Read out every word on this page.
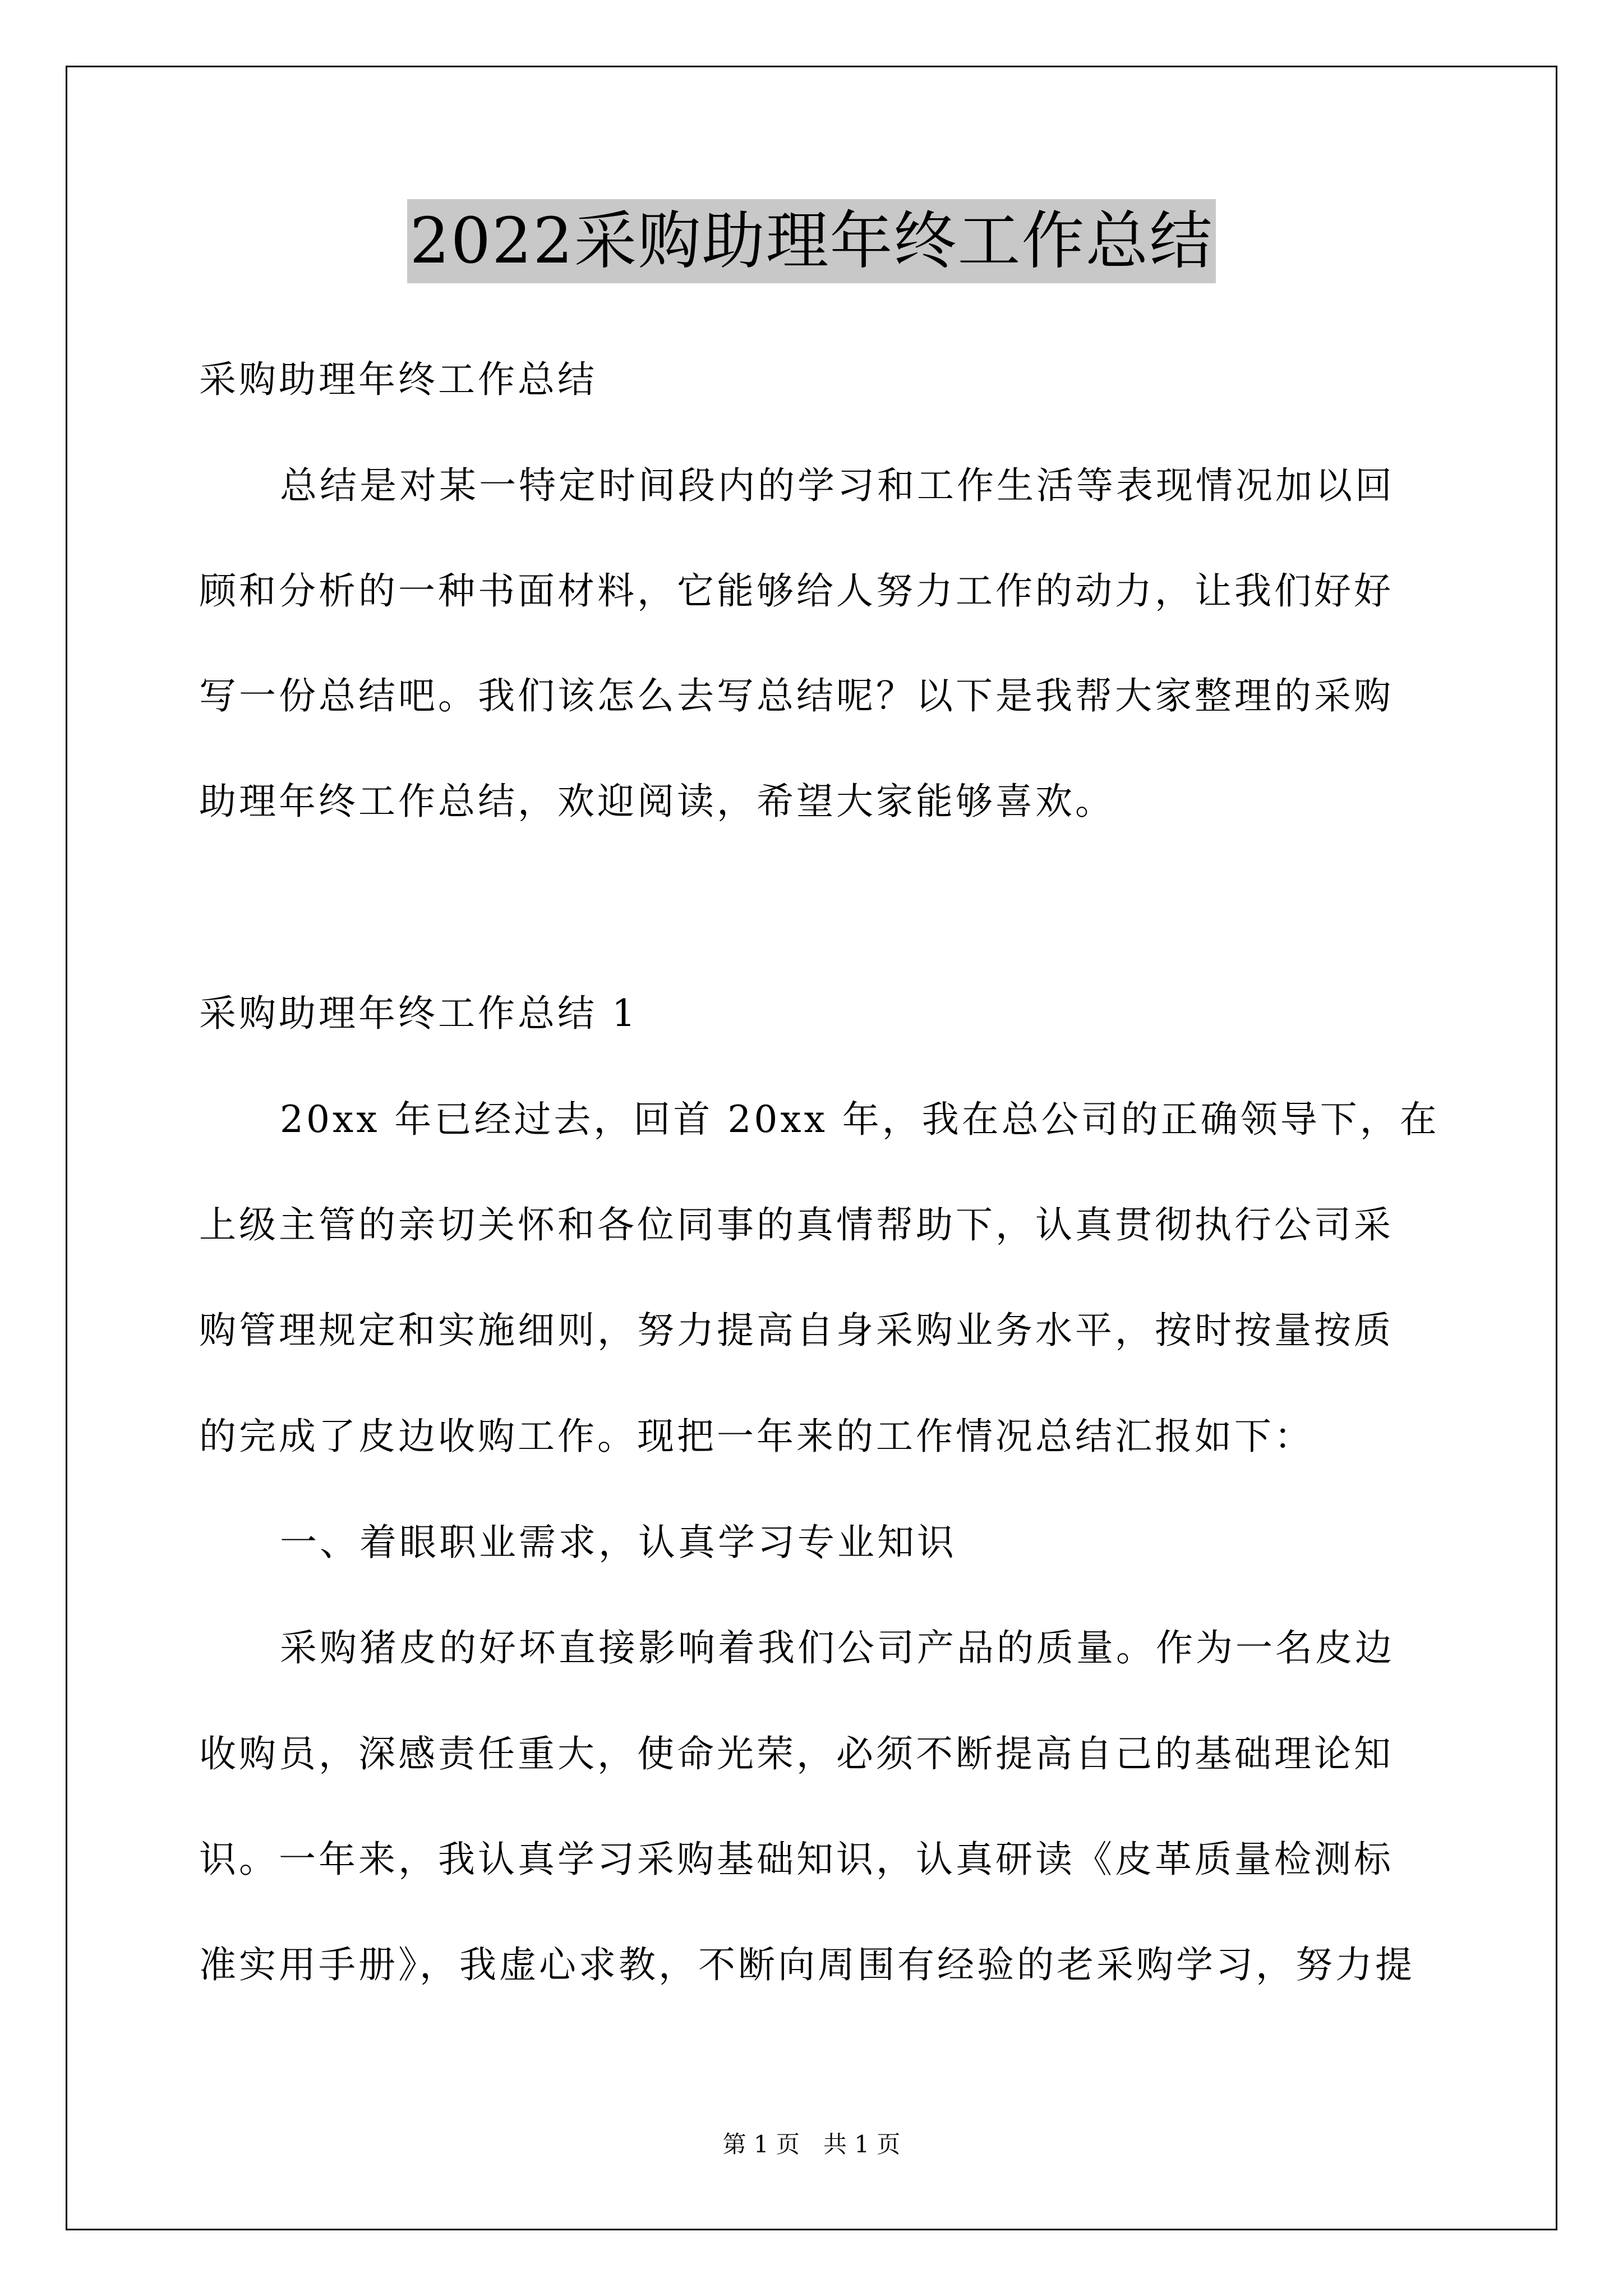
2022采购助理年终工作总结
采购助理年终工作总结
总结是对某一特定时间段内的学习和工作生活等表现情况加以回
顾和分析的一种书面材料，它能够给人努力工作的动力，让我们好好
写一份总结吧。我们该怎么去写总结呢？以下是我帮大家整理的采购
助理年终工作总结，欢迎阅读，希望大家能够喜欢。
采购助理年终工作总结 1
20xx 年已经过去，回首 20xx 年，我在总公司的正确领导下，在
上级主管的亲切关怀和各位同事的真情帮助下，认真贯彻执行公司采
购管理规定和实施细则，努力提高自身采购业务水平，按时按量按质
的完成了皮边收购工作。现把一年来的工作情况总结汇报如下：
一、着眼职业需求，认真学习专业知识
采购猪皮的好坏直接影响着我们公司产品的质量。作为一名皮边
收购员，深感责任重大，使命光荣，必须不断提高自己的基础理论知
识。一年来，我认真学习采购基础知识，认真研读《皮革质量检测标
准实用手册》，我虚心求教，不断向周围有经验的老采购学习，努力提
第 1 页　共 1 页
